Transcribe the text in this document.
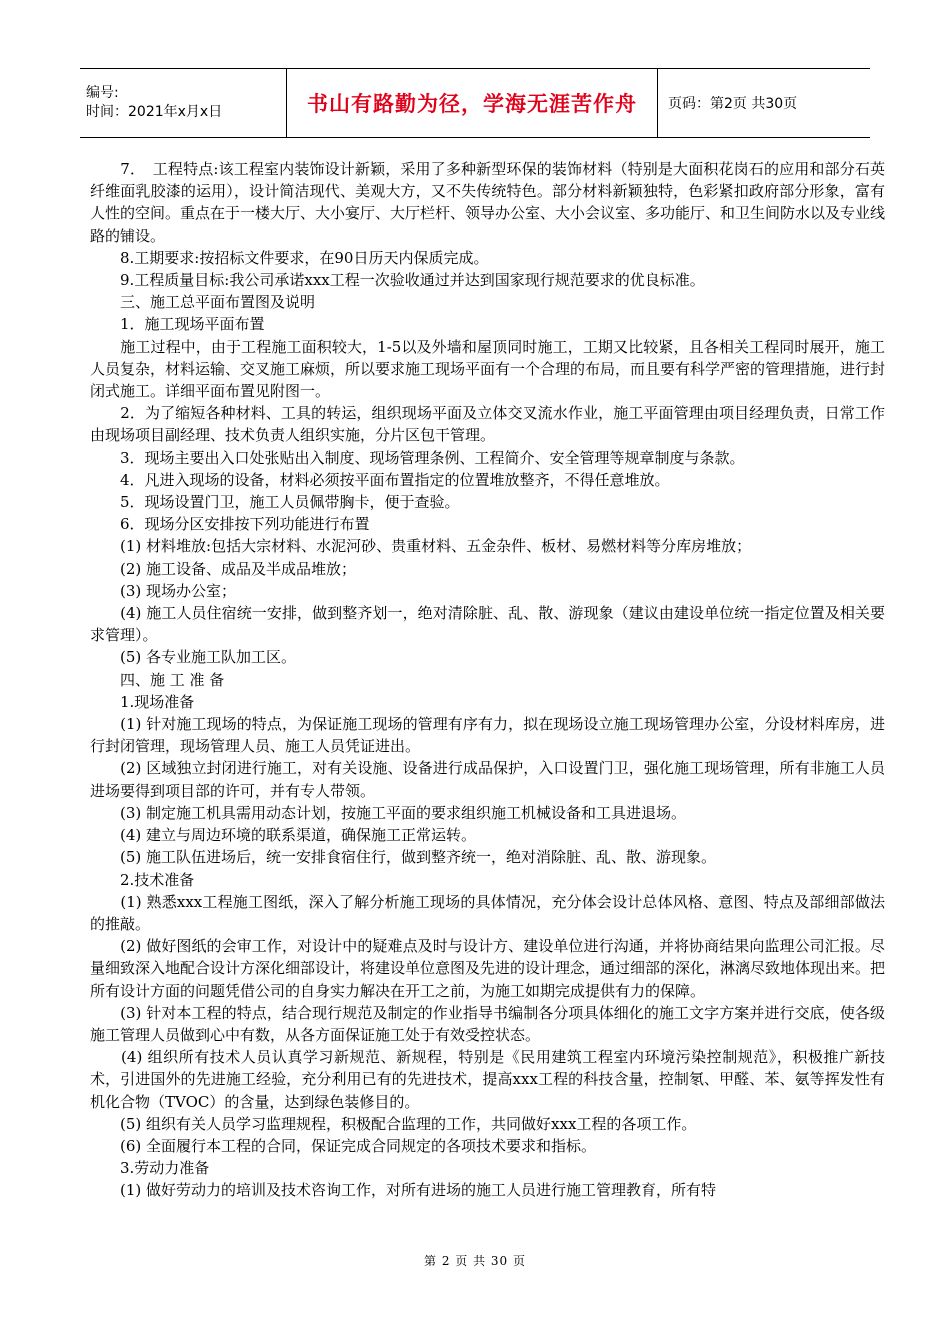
编号:
时间：2021年x月x日	书山有路勤为径，学海无涯苦作舟	页码：第2页 共30页

　　7．　工程特点:该工程室内装饰设计新颖，采用了多种新型环保的装饰材料（特别是大面积花岗石的应用和部分石英纤维面乳胶漆的运用），设计简洁现代、美观大方，又不失传统特色。部分材料新颖独特，色彩紧扣政府部分形象，富有人性的空间。重点在于一楼大厅、大小宴厅、大厅栏杆、领导办公室、大小会议室、多功能厅、和卫生间防水以及专业线路的铺设。

　　8.工期要求:按招标文件要求，在90日历天内保质完成。

　　9.工程质量目标:我公司承诺xxx工程一次验收通过并达到国家现行规范要求的优良标准。

　　三、施工总平面布置图及说明

　　1．施工现场平面布置

　　施工过程中，由于工程施工面积较大，1-5以及外墙和屋顶同时施工，工期又比较紧，且各相关工程同时展开，施工人员复杂，材料运输、交叉施工麻烦，所以要求施工现场平面有一个合理的布局，而且要有科学严密的管理措施，进行封闭式施工。详细平面布置见附图一。

　　2．为了缩短各种材料、工具的转运，组织现场平面及立体交叉流水作业，施工平面管理由项目经理负责，日常工作由现场项目副经理、技术负责人组织实施，分片区包干管理。

　　3．现场主要出入口处张贴出入制度、现场管理条例、工程简介、安全管理等规章制度与条款。

　　4．凡进入现场的设备，材料必须按平面布置指定的位置堆放整齐，不得任意堆放。

　　5．现场设置门卫，施工人员佩带胸卡，便于查验。

　　6．现场分区安排按下列功能进行布置

　　(1) 材料堆放:包括大宗材料、水泥河砂、贵重材料、五金杂件、板材、易燃材料等分库房堆放；

　　(2) 施工设备、成品及半成品堆放；

　　(3) 现场办公室；

　　(4) 施工人员住宿统一安排，做到整齐划一，绝对清除脏、乱、散、游现象（建议由建设单位统一指定位置及相关要求管理）。

　　(5) 各专业施工队加工区。

　　四、施 工 准 备

　　1.现场准备

　　(1) 针对施工现场的特点，为保证施工现场的管理有序有力，拟在现场设立施工现场管理办公室，分设材料库房，进行封闭管理，现场管理人员、施工人员凭证进出。

　　(2) 区域独立封闭进行施工，对有关设施、设备进行成品保护，入口设置门卫，强化施工现场管理，所有非施工人员进场要得到项目部的许可，并有专人带领。

　　(3) 制定施工机具需用动态计划，按施工平面的要求组织施工机械设备和工具进退场。

　　(4) 建立与周边环境的联系渠道，确保施工正常运转。

　　(5) 施工队伍进场后，统一安排食宿住行，做到整齐统一，绝对消除脏、乱、散、游现象。

　　2.技术准备

　　(1) 熟悉xxx工程施工图纸，深入了解分析施工现场的具体情况，充分体会设计总体风格、意图、特点及部细部做法的推敲。

　　(2) 做好图纸的会审工作，对设计中的疑难点及时与设计方、建设单位进行沟通，并将协商结果向监理公司汇报。尽量细致深入地配合设计方深化细部设计，将建设单位意图及先进的设计理念，通过细部的深化，淋漓尽致地体现出来。把所有设计方面的问题凭借公司的自身实力解决在开工之前，为施工如期完成提供有力的保障。

　　(3) 针对本工程的特点，结合现行规范及制定的作业指导书编制各分项具体细化的施工文字方案并进行交底，使各级施工管理人员做到心中有数，从各方面保证施工处于有效受控状态。

　　(4) 组织所有技术人员认真学习新规范、新规程，特别是《民用建筑工程室内环境污染控制规范》，积极推广新技术，引进国外的先进施工经验，充分利用已有的先进技术，提高xxx工程的科技含量，控制氡、甲醛、苯、氨等挥发性有机化合物（TVOC）的含量，达到绿色装修目的。

　　(5) 组织有关人员学习监理规程，积极配合监理的工作，共同做好xxx工程的各项工作。

　　(6) 全面履行本工程的合同，保证完成合同规定的各项技术要求和指标。

　　3.劳动力准备

　　(1) 做好劳动力的培训及技术咨询工作，对所有进场的施工人员进行施工管理教育，所有特

第 2 页 共 30 页
